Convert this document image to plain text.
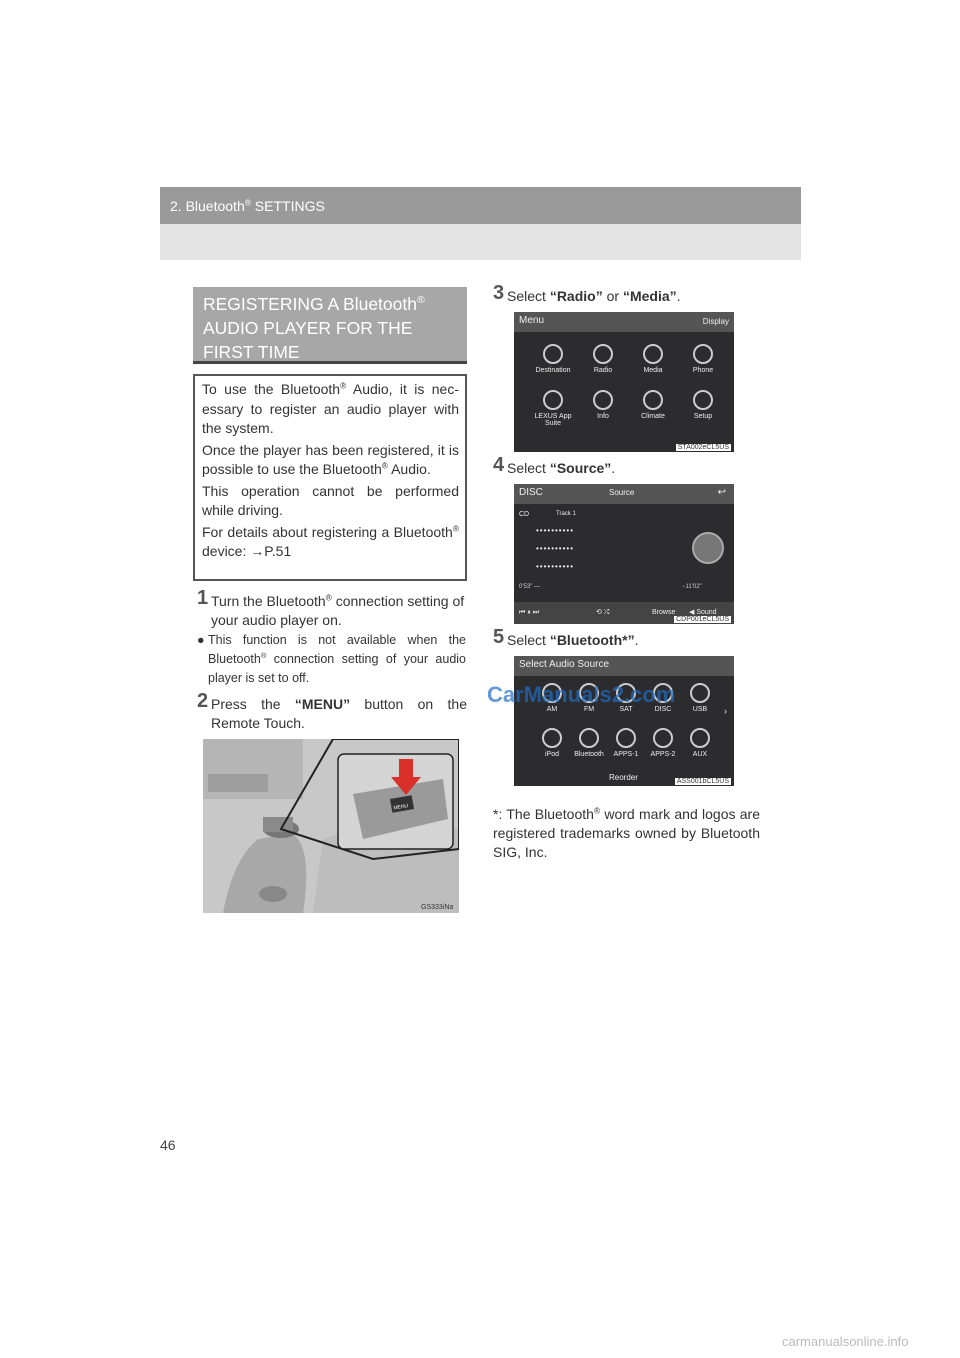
2. Bluetooth® SETTINGS
REGISTERING A Bluetooth®
AUDIO PLAYER FOR THE FIRST TIME

To use the Bluetooth® Audio, it is nec-essary to register an audio player with the system.

Once the player has been registered, it is possible to use the Bluetooth® Audio.

This operation cannot be performed while driving.

For details about registering a Bluetooth® device: →P.51

1 Turn the Bluetooth® connection setting of your audio player on.
● This function is not available when the Bluetooth® connection setting of your audio player is set to off.
2 Press the “MENU” button on the Remote Touch.
MENU
GS333iNa
3 Select “Radio” or “Media”.
Menu	Display
Destination	Radio	Media	Phone
LEXUS App Suite
Info	Climate	Setup
STA002eCL5US
4 Select “Source”.
DISC	Source	↩
CD	Track 1
••••••••••
••••••••••
••••••••••
0'53" —	−11'02"
⏮ ⏸ ⏭	⟲ ⤮	Browse ◀ Sound
CDP001eCL5US
5 Select “Bluetooth*”.
Select Audio Source
›
AM	FM	SAT	DISC	USB
iPod	Bluetooth	APPS-1	APPS-2	AUX
Reorder	ASS001bCL5US
CarManuals2.com
*: The Bluetooth® word mark and logos are registered trademarks owned by Bluetooth SIG, Inc.
46
carmanualsonline.info
